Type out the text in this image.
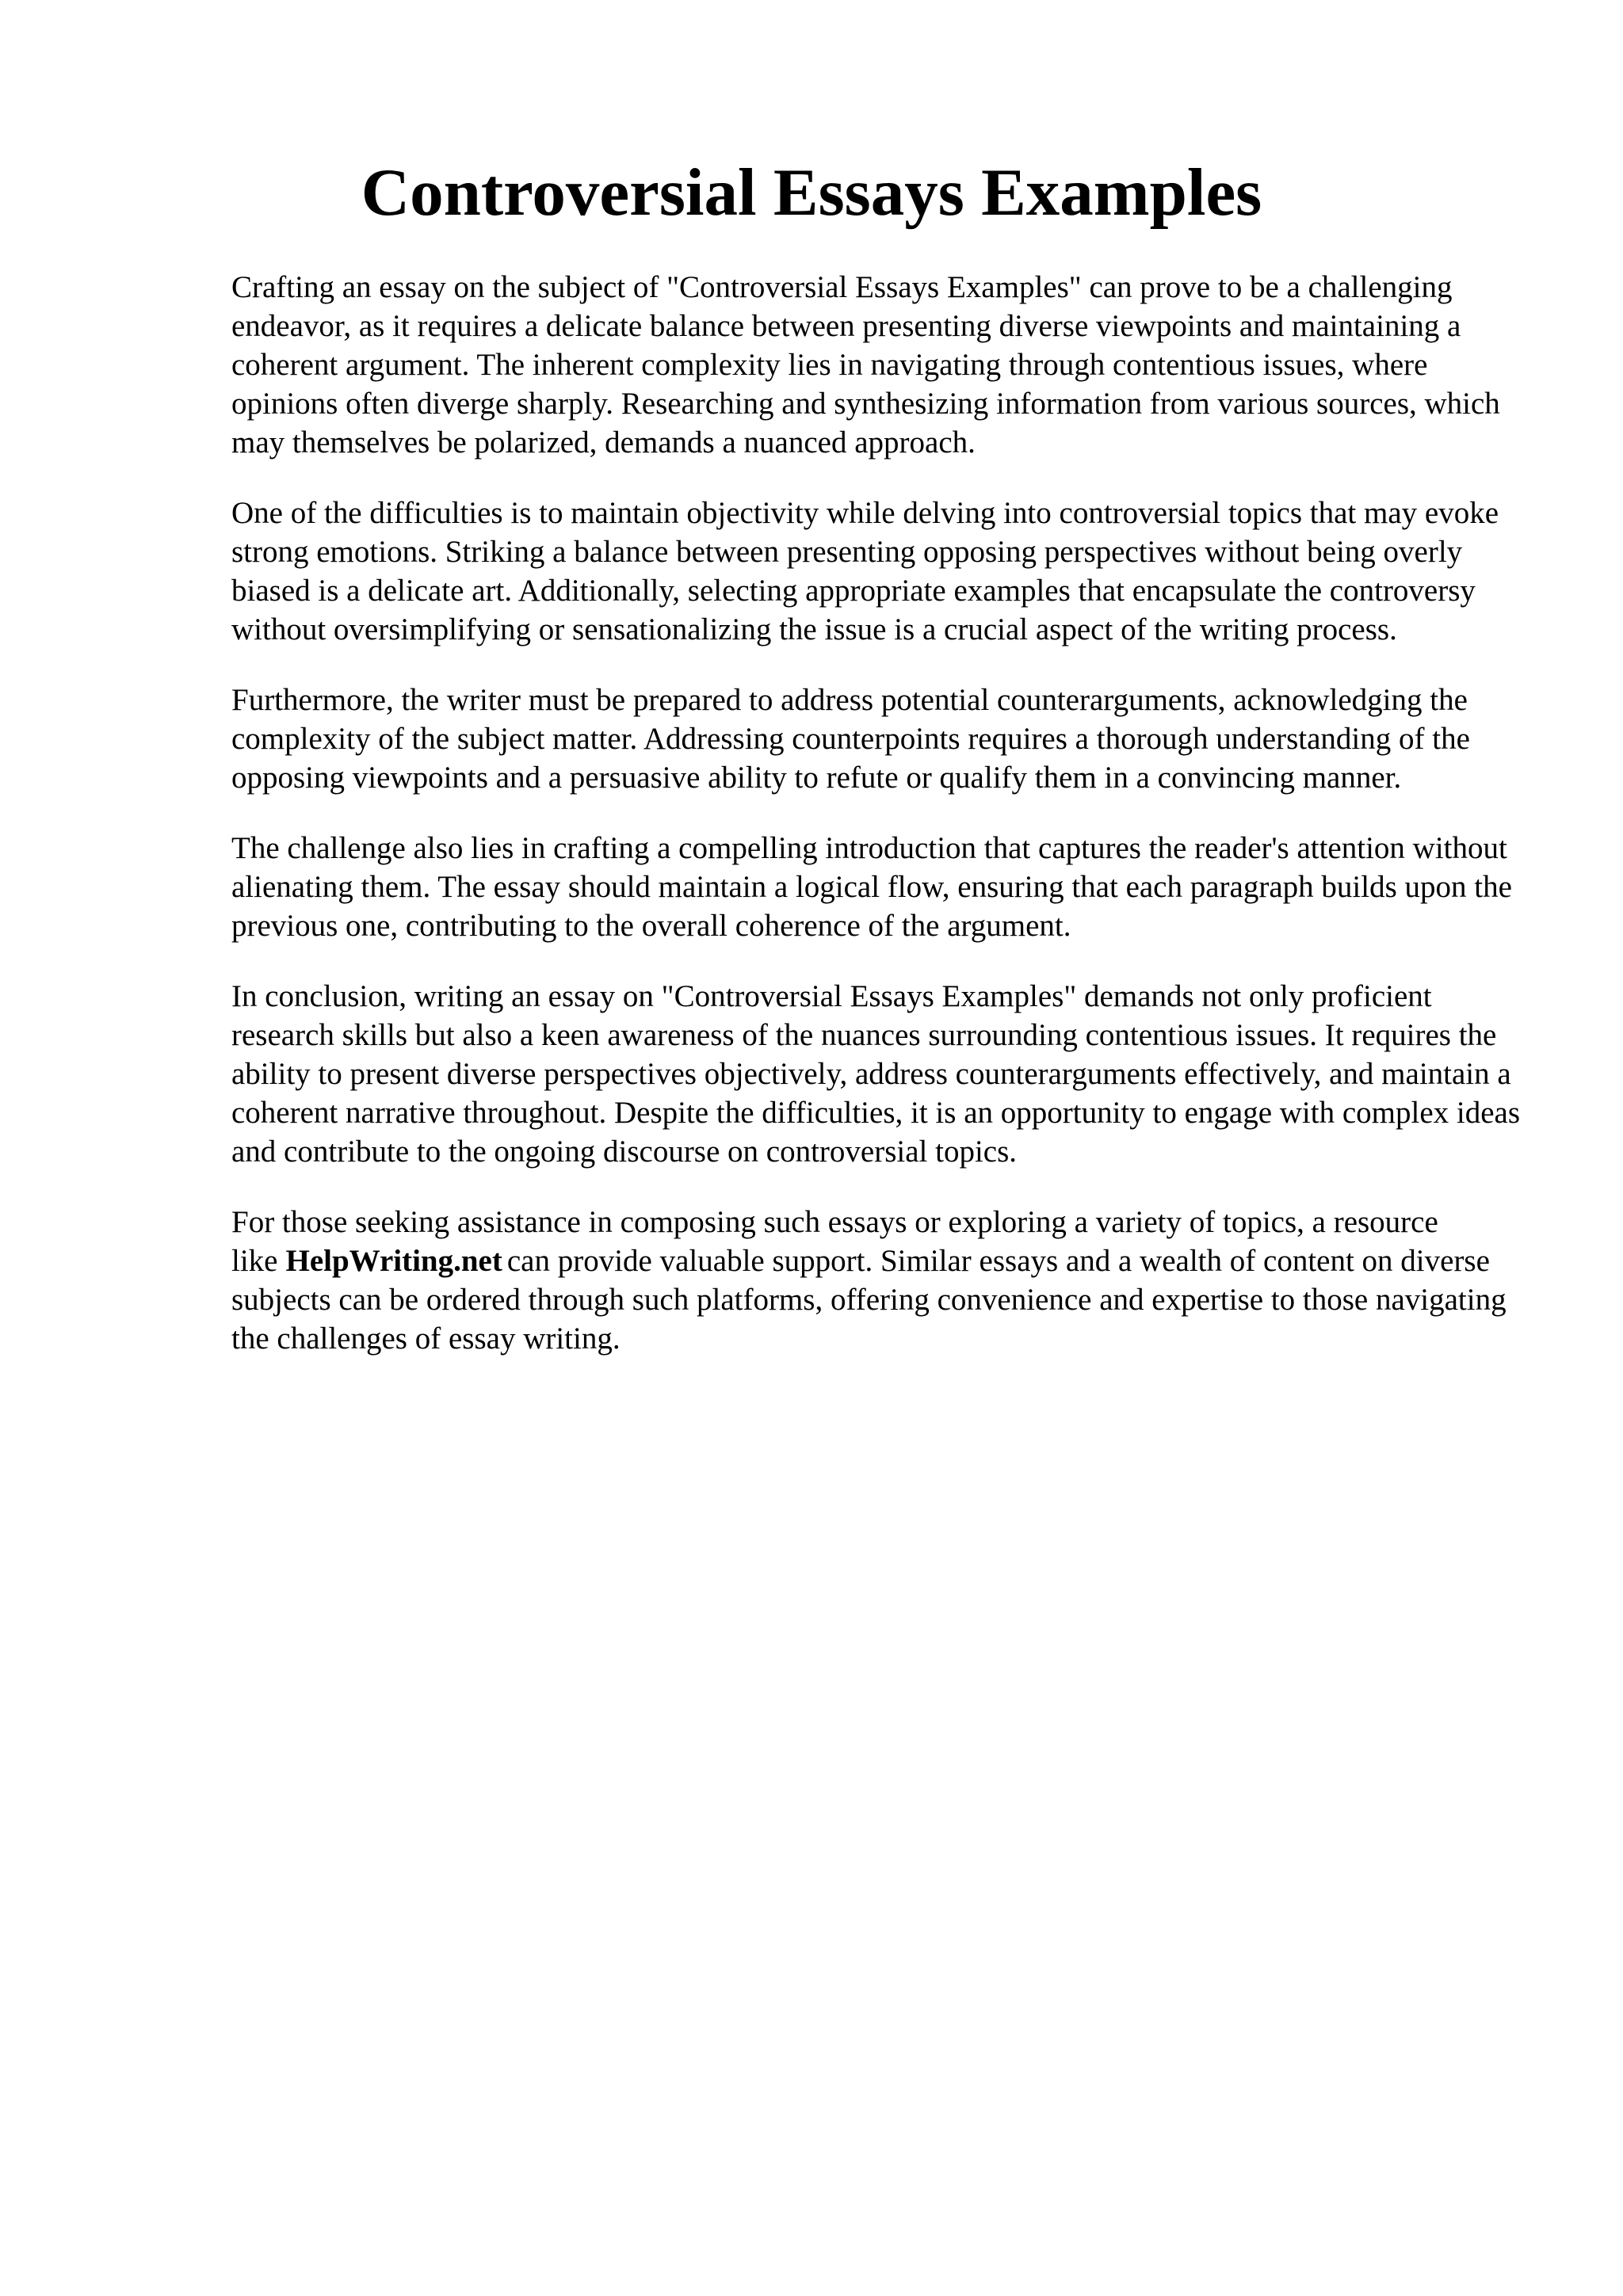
Controversial Essays Examples

Crafting an essay on the subject of "Controversial Essays Examples" can prove to be a challenging endeavor, as it requires a delicate balance between presenting diverse viewpoints and maintaining a coherent argument. The inherent complexity lies in navigating through contentious issues, where opinions often diverge sharply. Researching and synthesizing information from various sources, which may themselves be polarized, demands a nuanced approach.

One of the difficulties is to maintain objectivity while delving into controversial topics that may evoke strong emotions. Striking a balance between presenting opposing perspectives without being overly biased is a delicate art. Additionally, selecting appropriate examples that encapsulate the controversy without oversimplifying or sensationalizing the issue is a crucial aspect of the writing process.

Furthermore, the writer must be prepared to address potential counterarguments, acknowledging the complexity of the subject matter. Addressing counterpoints requires a thorough understanding of the opposing viewpoints and a persuasive ability to refute or qualify them in a convincing manner.

The challenge also lies in crafting a compelling introduction that captures the reader's attention without alienating them. The essay should maintain a logical flow, ensuring that each paragraph builds upon the previous one, contributing to the overall coherence of the argument.

In conclusion, writing an essay on "Controversial Essays Examples" demands not only proficient research skills but also a keen awareness of the nuances surrounding contentious issues. It requires the ability to present diverse perspectives objectively, address counterarguments effectively, and maintain a coherent narrative throughout. Despite the difficulties, it is an opportunity to engage with complex ideas and contribute to the ongoing discourse on controversial topics.

For those seeking assistance in composing such essays or exploring a variety of topics, a resource like HelpWriting.net can provide valuable support. Similar essays and a wealth of content on diverse subjects can be ordered through such platforms, offering convenience and expertise to those navigating the challenges of essay writing.
